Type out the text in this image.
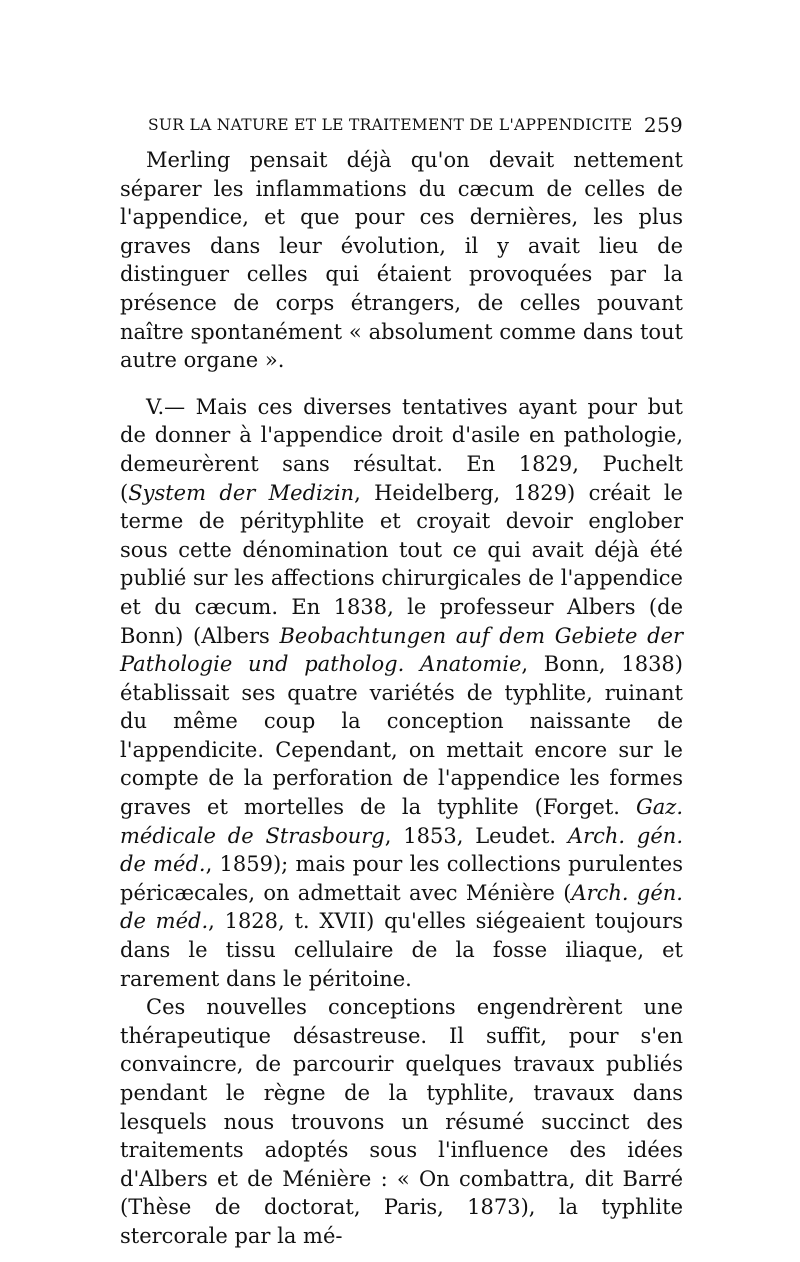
SUR LA NATURE ET LE TRAITEMENT DE L'APPENDICITE 259

Merling pensait déjà qu'on devait nettement séparer les inflammations du cæcum de celles de l'appendice, et que pour ces dernières, les plus graves dans leur évolution, il y avait lieu de distinguer celles qui étaient provoquées par la présence de corps étrangers, de celles pouvant naître spontanément « absolument comme dans tout autre organe ».

V.— Mais ces diverses tentatives ayant pour but de donner à l'appendice droit d'asile en pathologie, demeurèrent sans résultat. En 1829, Puchelt (System der Medizin, Heidelberg, 1829) créait le terme de pérityphlite et croyait devoir englober sous cette dénomination tout ce qui avait déjà été publié sur les affections chirurgicales de l'appendice et du cæcum. En 1838, le professeur Albers (de Bonn) (Albers Beobachtungen auf dem Gebiete der Pathologie und patholog. Anatomie, Bonn, 1838) établissait ses quatre variétés de typhlite, ruinant du même coup la conception naissante de l'appendicite. Cependant, on mettait encore sur le compte de la perforation de l'appendice les formes graves et mortelles de la typhlite (Forget. Gaz. médicale de Strasbourg, 1853, Leudet. Arch. gén. de méd., 1859); mais pour les collections purulentes péricæcales, on admettait avec Ménière (Arch. gén. de méd., 1828, t. XVII) qu'elles siégeaient toujours dans le tissu cellulaire de la fosse iliaque, et rarement dans le péritoine.

Ces nouvelles conceptions engendrèrent une thérapeutique désastreuse. Il suffit, pour s'en convaincre, de parcourir quelques travaux publiés pendant le règne de la typhlite, travaux dans lesquels nous trouvons un résumé succinct des traitements adoptés sous l'influence des idées d'Albers et de Ménière : « On combattra, dit Barré (Thèse de doctorat, Paris, 1873), la typhlite stercorale par la mé-
